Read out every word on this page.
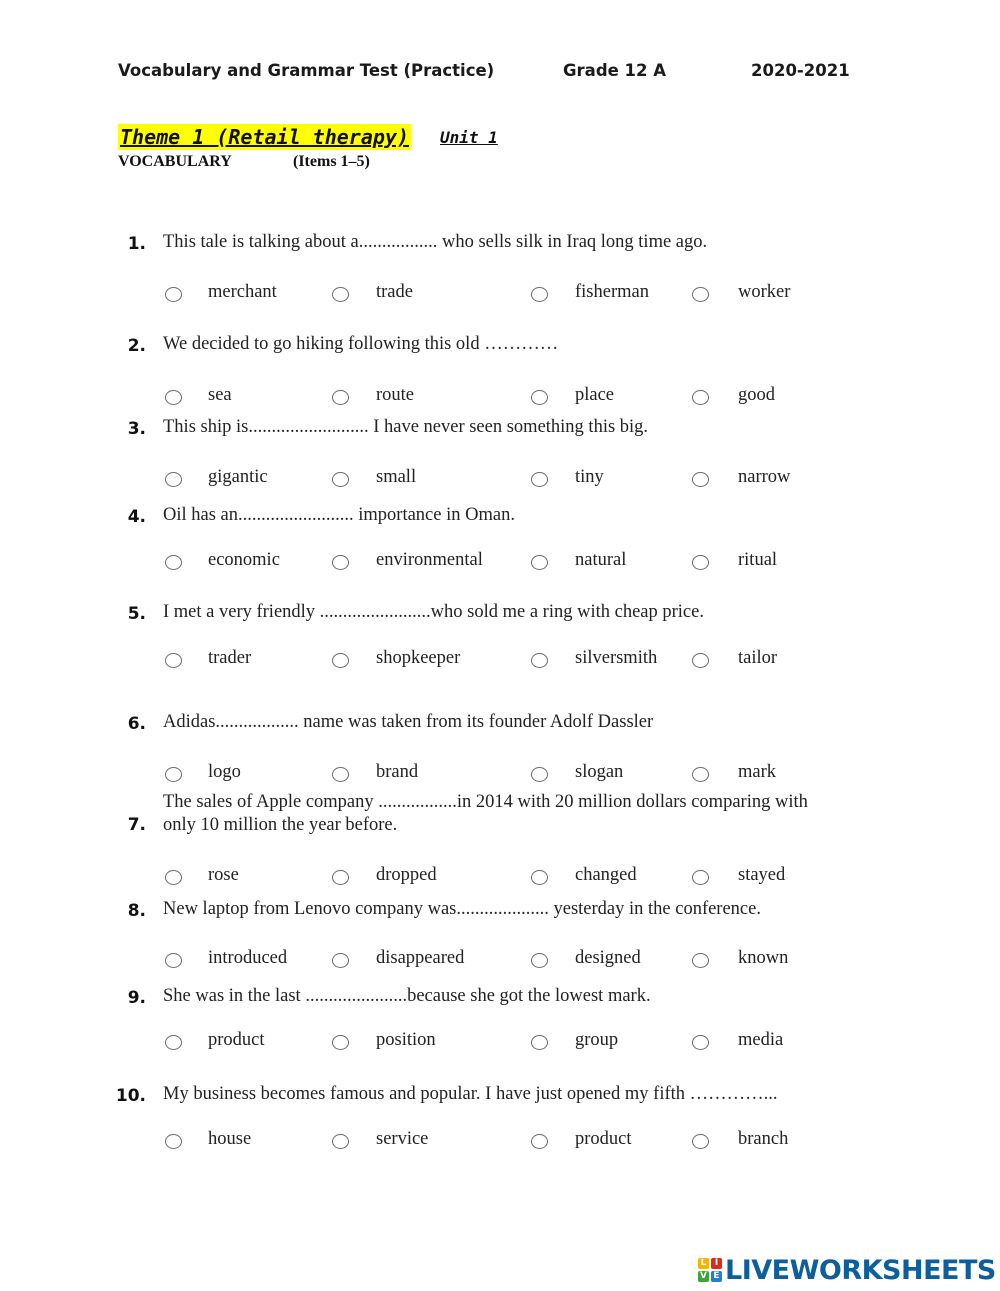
Vocabulary and Grammar Test (Practice)	Grade 12 A	2020-2021
Theme 1 (Retail therapy) Unit 1
VOCABULARY	(Items 1–5)
1. This tale is talking about a................. who sells silk in Iraq long time ago.
merchant	trade	fisherman	worker
2. We decided to go hiking following this old …………
sea	route	place	good
3. This ship is.......................... I have never seen something this big.
gigantic	small	tiny	narrow
4. Oil has an......................... importance in Oman.
economic	environmental	natural	ritual
5. I met a very friendly ........................who sold me a ring with cheap price.
trader	shopkeeper	silversmith	tailor
6. Adidas.................. name was taken from its founder Adolf Dassler
logo	brand	slogan	mark
7.
The sales of Apple company .................in 2014 with 20 million dollars comparing with
only 10 million the year before.
rose	dropped	changed	stayed
8. New laptop from Lenovo company was.................... yesterday in the conference.
introduced	disappeared	designed	known
9. She was in the last ......................because she got the lowest mark.
product	position	group	media
10. My business becomes famous and popular. I have just opened my fifth …………...
house	service	product	branch
L I
V E LIVEWORKSHEETS
